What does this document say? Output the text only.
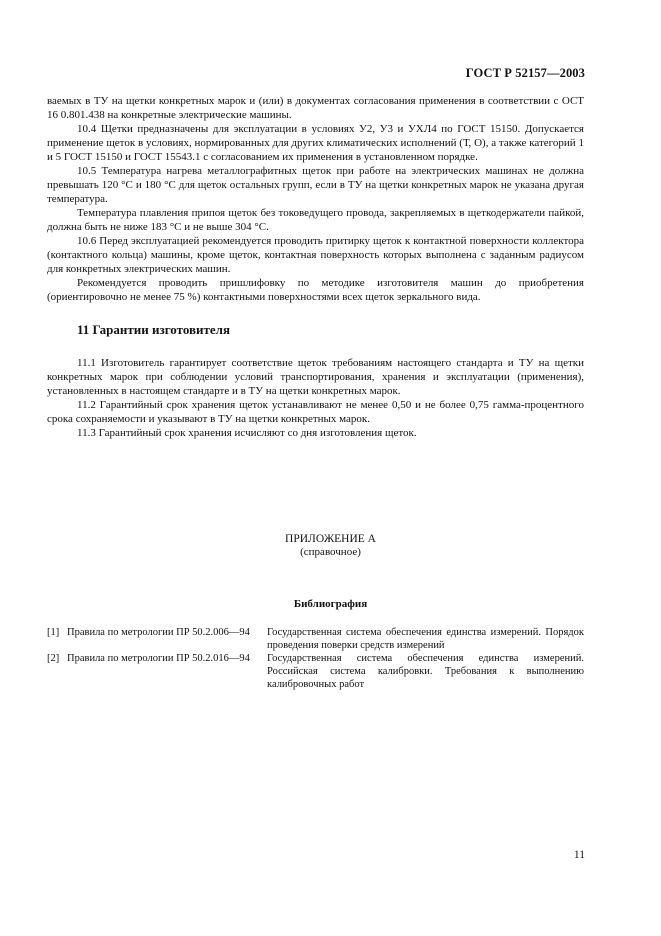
ГОСТ Р 52157—2003

ваемых в ТУ на щетки конкретных марок и (или) в документах согласования применения в соответствии с ОСТ 16 0.801.438 на конкретные электрические машины.

10.4 Щетки предназначены для эксплуатации в условиях У2, У3 и УХЛ4 по ГОСТ 15150. Допускается применение щеток в условиях, нормированных для других климатических исполнений (Т, О), а также категорий 1 и 5 ГОСТ 15150 и ГОСТ 15543.1 с согласованием их применения в установленном порядке.

10.5 Температура нагрева металлографитных щеток при работе на электрических машинах не должна превышать 120 °С и 180 °С для щеток остальных групп, если в ТУ на щетки конкретных марок не указана другая температура.

Температура плавления припоя щеток без токоведущего провода, закрепляемых в щеткодержатели пайкой, должна быть не ниже 183 °С и не выше 304 °С.

10.6 Перед эксплуатацией рекомендуется проводить притирку щеток к контактной поверхности коллектора (контактного кольца) машины, кроме щеток, контактная поверхность которых выполнена с заданным радиусом для конкретных электрических машин.

Рекомендуется проводить пришлифовку по методике изготовителя машин до приобретения (ориентировочно не менее 75 %) контактными поверхностями всех щеток зеркального вида.

11 Гарантии изготовителя

11.1 Изготовитель гарантирует соответствие щеток требованиям настоящего стандарта и ТУ на щетки конкретных марок при соблюдении условий транспортирования, хранения и эксплуатации (применения), установленных в настоящем стандарте и в ТУ на щетки конкретных марок.

11.2 Гарантийный срок хранения щеток устанавливают не менее 0,50 и не более 0,75 гамма-процентного срока сохраняемости и указывают в ТУ на щетки конкретных марок.

11.3 Гарантийный срок хранения исчисляют со дня изготовления щеток.

ПРИЛОЖЕНИЕ А
(справочное)
Библиография
[1] Правила по метрологии ПР 50.2.006—94	Государственная система обеспечения единства измерений. Порядок проведения поверки средств измерений
[2] Правила по метрологии ПР 50.2.016—94	Государственная система обеспечения единства измерений. Российская система калибровки. Требования к выполнению калибровочных работ
11
